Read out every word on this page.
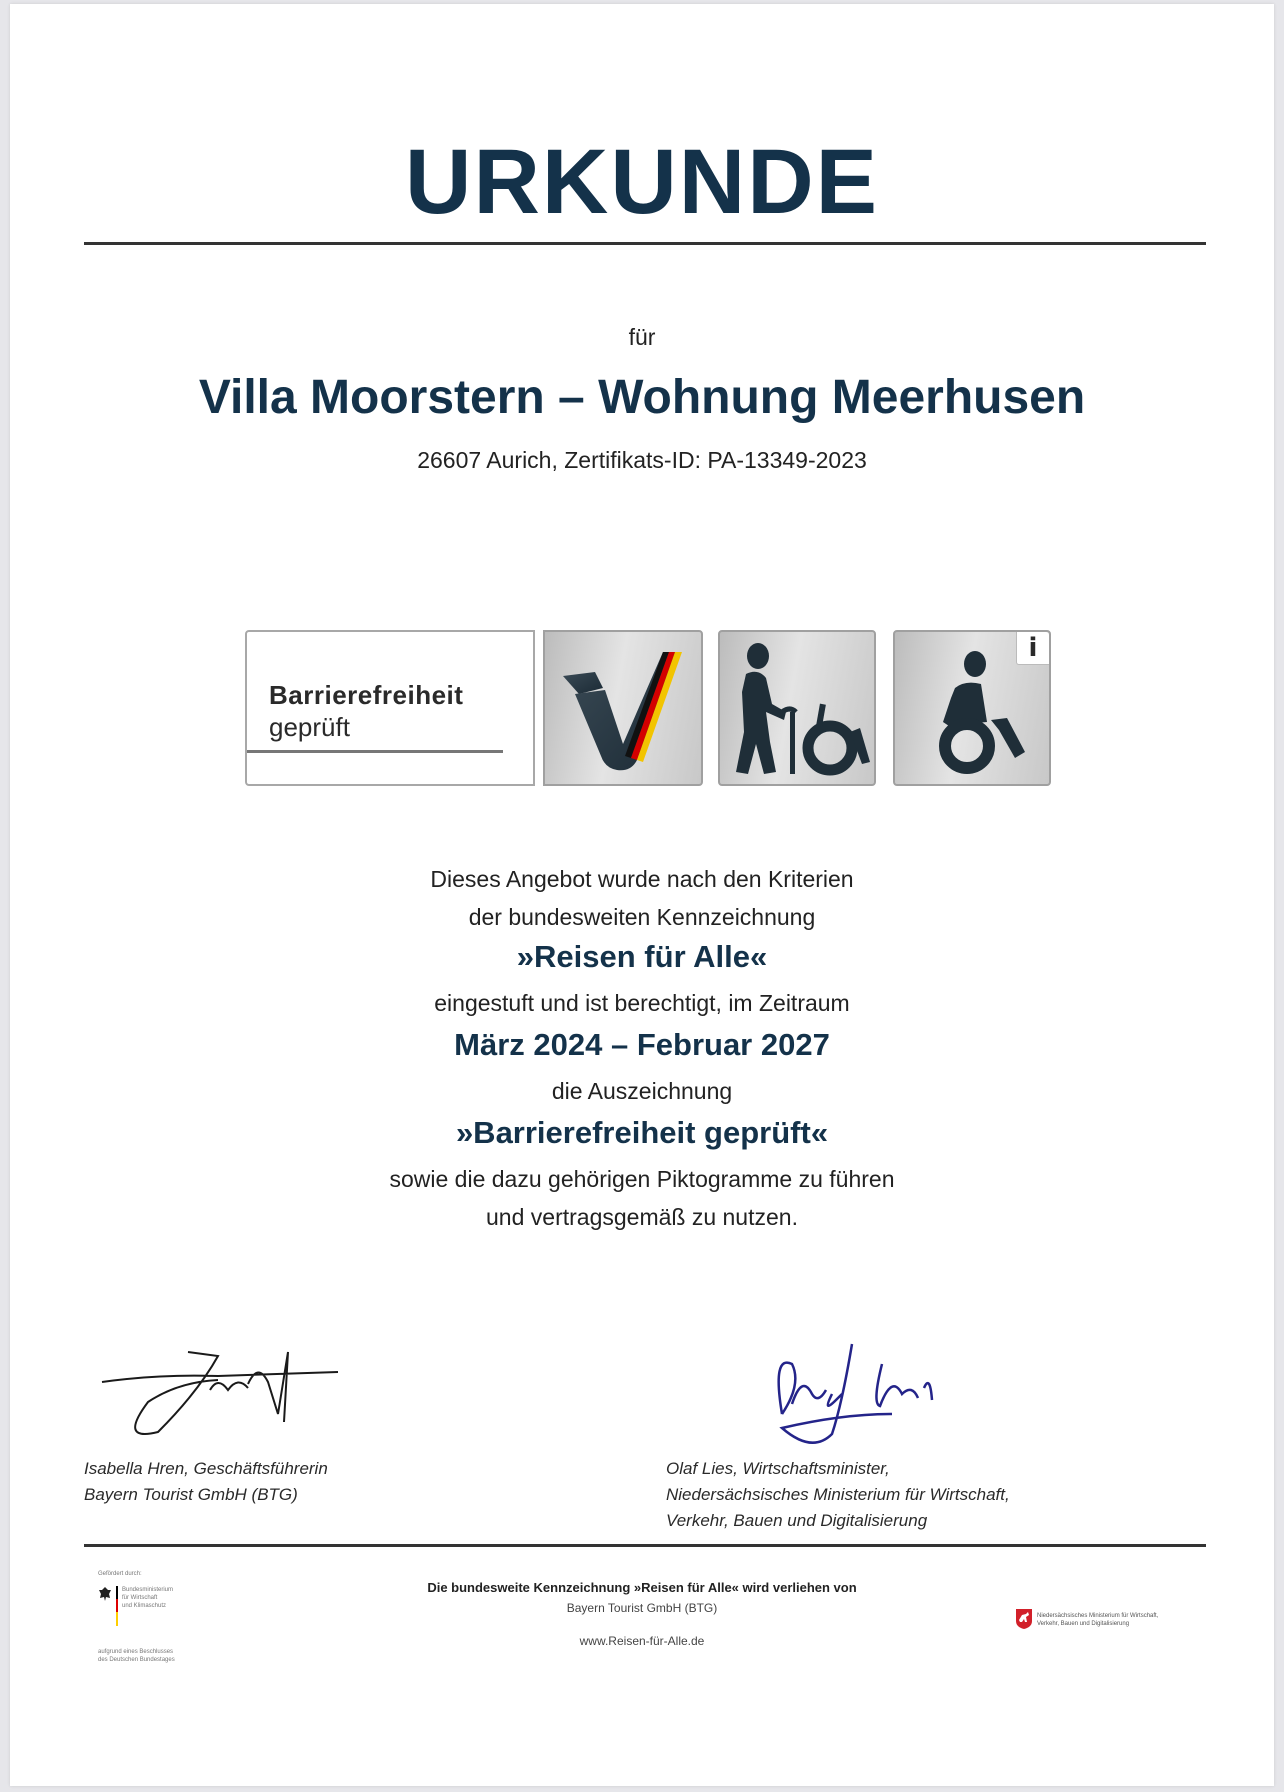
URKUNDE
für
Villa Moorstern – Wohnung Meerhusen
26607 Aurich, Zertifikats-ID: PA-13349-2023
Barrierefreiheit
geprüft
i
Dieses Angebot wurde nach den Kriterien
der bundesweiten Kennzeichnung
»Reisen für Alle«
eingestuft und ist berechtigt, im Zeitraum
März 2024 – Februar 2027
die Auszeichnung
»Barrierefreiheit geprüft«
sowie die dazu gehörigen Piktogramme zu führen
und vertragsgemäß zu nutzen.
Isabella Hren, Geschäftsführerin
Bayern Tourist GmbH (BTG)
Olaf Lies, Wirtschaftsminister,
Niedersächsisches Ministerium für Wirtschaft,
Verkehr, Bauen und Digitalisierung
Gefördert durch:
Bundesministerium
für Wirtschaft
und Klimaschutz
aufgrund eines Beschlusses
des Deutschen Bundestages
Die bundesweite Kennzeichnung »Reisen für Alle« wird verliehen von
Bayern Tourist GmbH (BTG)
www.Reisen-für-Alle.de
Niedersächsisches Ministerium für Wirtschaft,
Verkehr, Bauen und Digitalisierung
